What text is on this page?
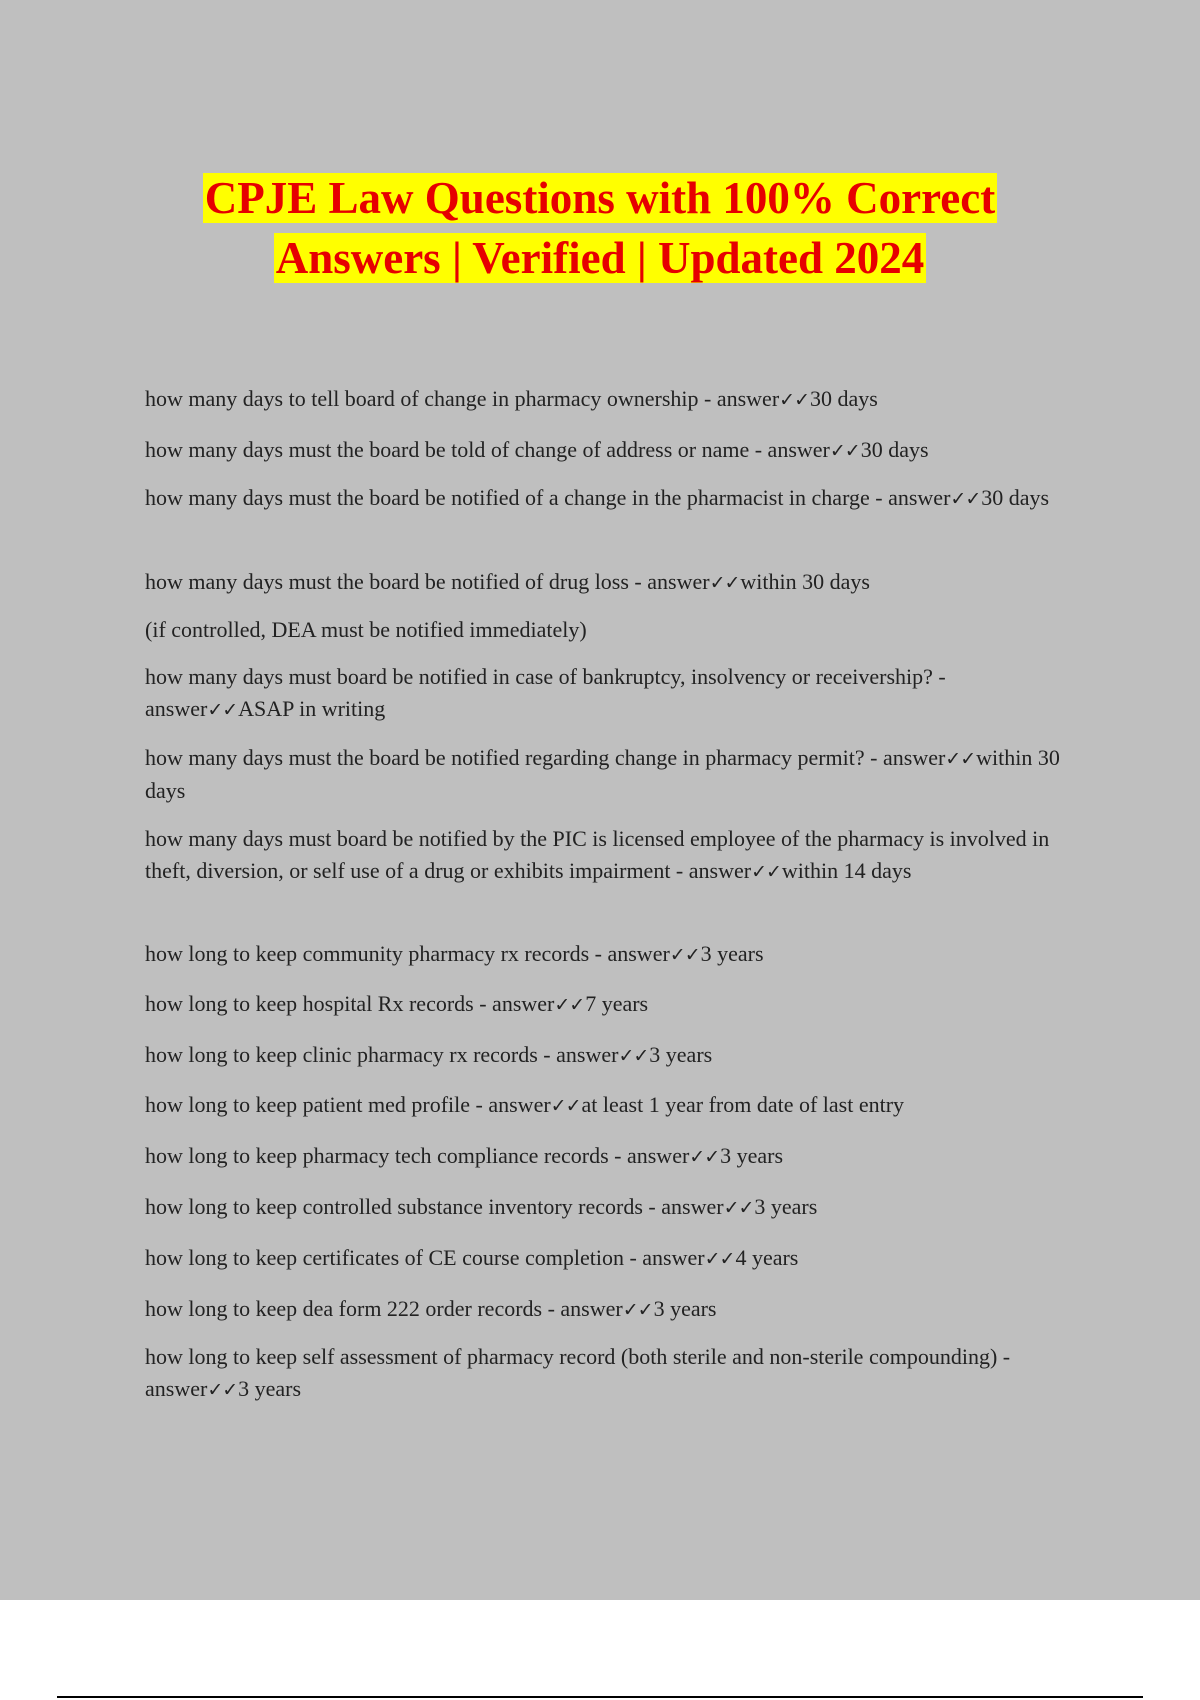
CPJE Law Questions with 100% Correct
Answers | Verified | Updated 2024
how many days to tell board of change in pharmacy ownership - answer✓✓30 days
how many days must the board be told of change of address or name - answer✓✓30 days
how many days must the board be notified of a change in the pharmacist in charge - answer✓✓30 days
how many days must the board be notified of drug loss - answer✓✓within 30 days
(if controlled, DEA must be notified immediately)
how many days must board be notified in case of bankruptcy, insolvency or receivership? - answer✓✓ASAP in writing
how many days must the board be notified regarding change in pharmacy permit? - answer✓✓within 30 days
how many days must board be notified by the PIC is licensed employee of the pharmacy is involved in theft, diversion, or self use of a drug or exhibits impairment - answer✓✓within 14 days
how long to keep community pharmacy rx records - answer✓✓3 years
how long to keep hospital Rx records - answer✓✓7 years
how long to keep clinic pharmacy rx records - answer✓✓3 years
how long to keep patient med profile - answer✓✓at least 1 year from date of last entry
how long to keep pharmacy tech compliance records - answer✓✓3 years
how long to keep controlled substance inventory records - answer✓✓3 years
how long to keep certificates of CE course completion - answer✓✓4 years
how long to keep dea form 222 order records - answer✓✓3 years
how long to keep self assessment of pharmacy record (both sterile and non-sterile compounding) - answer✓✓3 years
